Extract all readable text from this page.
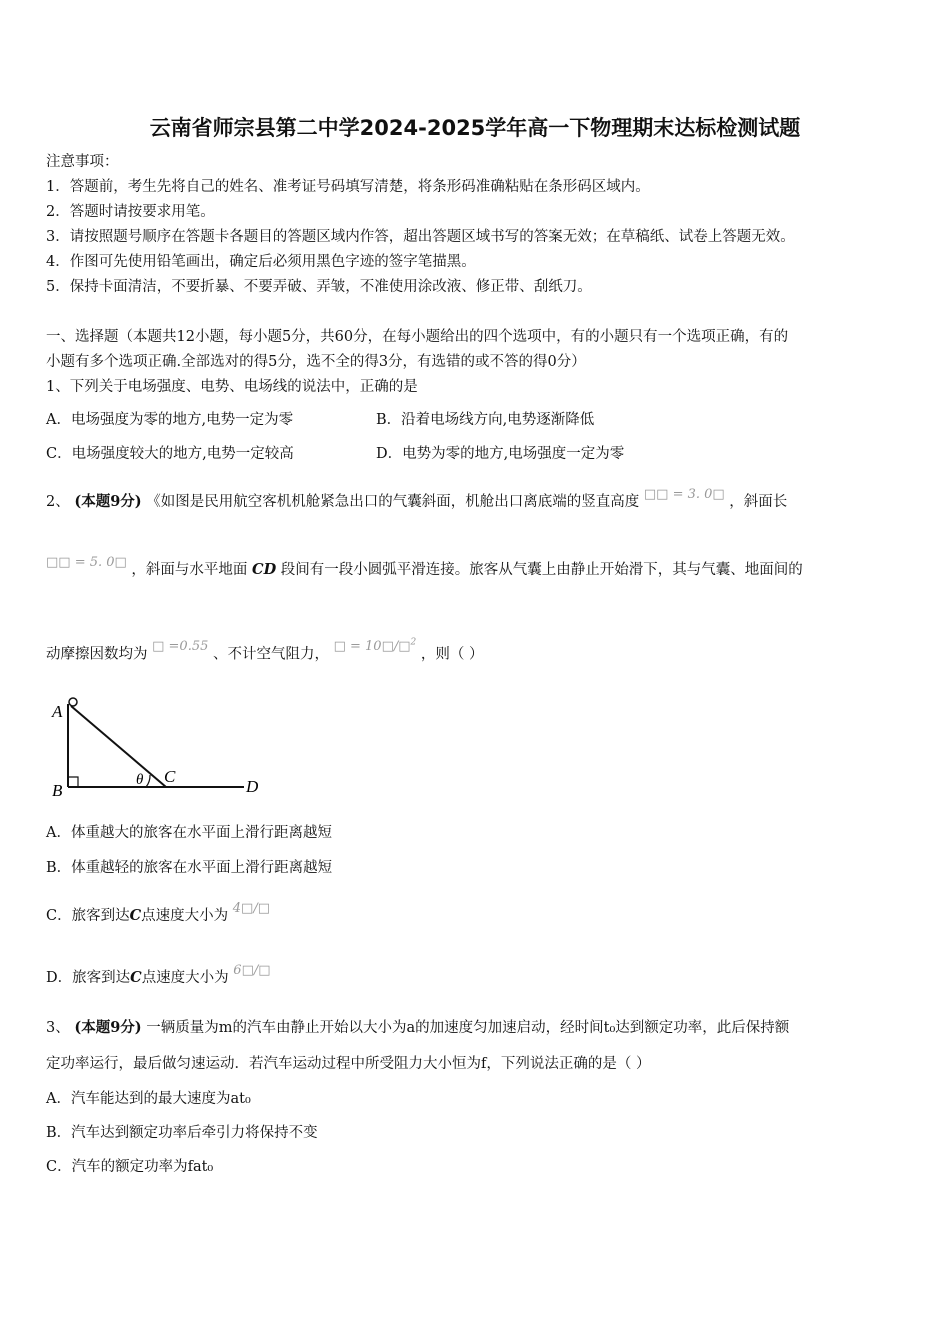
云南省师宗县第二中学2024-2025学年高一下物理期末达标检测试题
注意事项：
1．答题前，考生先将自己的姓名、准考证号码填写清楚，将条形码准确粘贴在条形码区域内。
2．答题时请按要求用笔。
3．请按照题号顺序在答题卡各题目的答题区域内作答，超出答题区域书写的答案无效；在草稿纸、试卷上答题无效。
4．作图可先使用铅笔画出，确定后必须用黑色字迹的签字笔描黑。
5．保持卡面清洁，不要折暴、不要弄破、弄皱，不准使用涂改液、修正带、刮纸刀。
一、选择题（本题共12小题，每小题5分，共60分，在每小题给出的四个选项中，有的小题只有一个选项正确，有的
小题有多个选项正确.全部选对的得5分，选不全的得3分，有选错的或不答的得0分）
1、下列关于电场强度、电势、电场线的说法中，正确的是
A．电场强度为零的地方,电势一定为零	B．沿着电场线方向,电势逐渐降低
C．电场强度较大的地方,电势一定较高	D．电势为零的地方,电场强度一定为零
2、 (本题9分) 《如图是民用航空客机机舱紧急出口的气囊斜面，机舱出口离底端的竖直高度 □□ = 3. 0□ ，斜面长
□□ = 5. 0□ ，斜面与水平地面 CD 段间有一段小圆弧平滑连接。旅客从气囊上由静止开始滑下，其与气囊、地面间的
动摩擦因数均为 □ =0.55 、不计空气阻力， □ = 10□/□$^2$ ，则（ ）
A
B
θ C
D
A．体重越大的旅客在水平面上滑行距离越短
B．体重越轻的旅客在水平面上滑行距离越短
C．旅客到达C点速度大小为 4□/□
D．旅客到达C点速度大小为 6□/□
3、 (本题9分) 一辆质量为m的汽车由静止开始以大小为a的加速度匀加速启动，经时间t₀达到额定功率，此后保持额
定功率运行，最后做匀速运动．若汽车运动过程中所受阻力大小恒为f，下列说法正确的是（ ）
A．汽车能达到的最大速度为at₀
B．汽车达到额定功率后牵引力将保持不变
C．汽车的额定功率为fat₀
